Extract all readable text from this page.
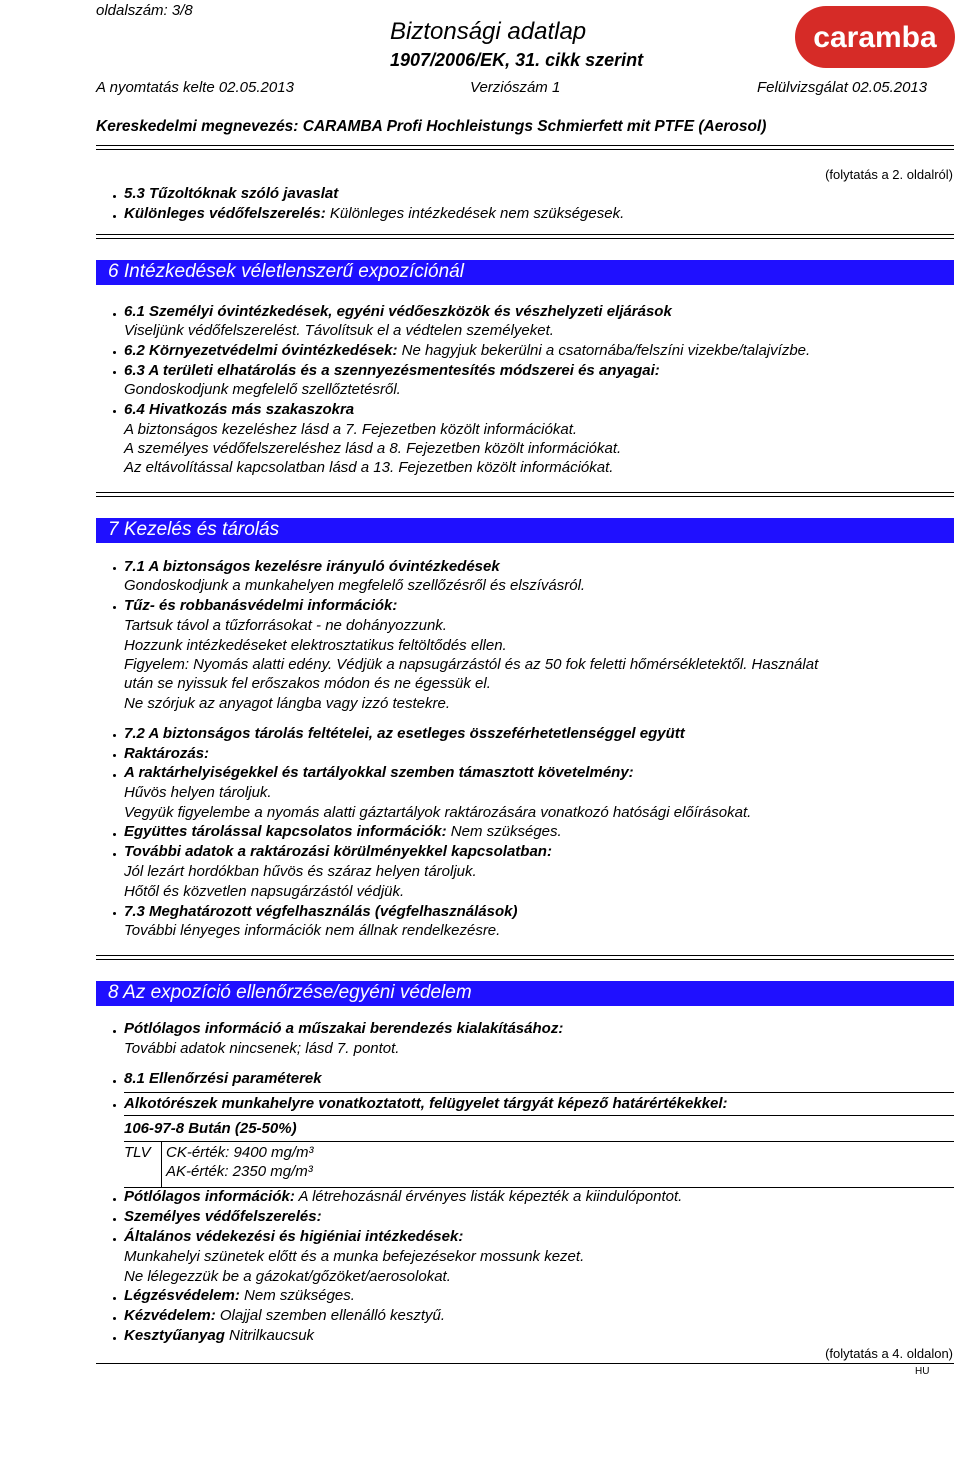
oldalszám: 3/8
Biztonsági adatlap
1907/2006/EK, 31. cikk szerint
A nyomtatás kelte 02.05.2013	Verziószám 1	Felülvizsgálat 02.05.2013
Kereskedelmi megnevezés: CARAMBA Profi Hochleistungs Schmierfett mit PTFE (Aerosol)
caramba
(folytatás a 2. oldalról)
5.3 Tűzoltóknak szóló javaslat
Különleges védőfelszerelés: Különleges intézkedések nem szükségesek.
6 Intézkedések véletlenszerű expozíciónál
6.1 Személyi óvintézkedések, egyéni védőeszközök és vészhelyzeti eljárások
Viseljünk védőfelszerelést. Távolítsuk el a védtelen személyeket.
6.2 Környezetvédelmi óvintézkedések: Ne hagyjuk bekerülni a csatornába/felszíni vizekbe/talajvízbe.
6.3 A területi elhatárolás és a szennyezésmentesítés módszerei és anyagai:
Gondoskodjunk megfelelő szellőztetésről.
6.4 Hivatkozás más szakaszokra
A biztonságos kezeléshez lásd a 7. Fejezetben közölt információkat.
A személyes védőfelszereléshez lásd a 8. Fejezetben közölt információkat.
Az eltávolítással kapcsolatban lásd a 13. Fejezetben közölt információkat.
7 Kezelés és tárolás
7.1 A biztonságos kezelésre irányuló óvintézkedések
Gondoskodjunk a munkahelyen megfelelő szellőzésről és elszívásról.
Tűz- és robbanásvédelmi információk:
Tartsuk távol a tűzforrásokat - ne dohányozzunk.
Hozzunk intézkedéseket elektrosztatikus feltöltődés ellen.
Figyelem: Nyomás alatti edény. Védjük a napsugárzástól és az 50 fok feletti hőmérsékletektől. Használat
után se nyissuk fel erőszakos módon és ne égessük el.
Ne szórjuk az anyagot lángba vagy izzó testekre.
7.2 A biztonságos tárolás feltételei, az esetleges összeférhetetlenséggel együtt
Raktározás:
A raktárhelyiségekkel és tartályokkal szemben támasztott követelmény:
Hűvös helyen tároljuk.
Vegyük figyelembe a nyomás alatti gáztartályok raktározására vonatkozó hatósági előírásokat.
Együttes tárolással kapcsolatos információk: Nem szükséges.
További adatok a raktározási körülményekkel kapcsolatban:
Jól lezárt hordókban hűvös és száraz helyen tároljuk.
Hőtől és közvetlen napsugárzástól védjük.
7.3 Meghatározott végfelhasználás (végfelhasználások)
További lényeges információk nem állnak rendelkezésre.
8 Az expozíció ellenőrzése/egyéni védelem
Pótlólagos információ a műszakai berendezés kialakításához:
További adatok nincsenek; lásd 7. pontot.
8.1 Ellenőrzési paraméterek
Alkotórészek munkahelyre vonatkoztatott, felügyelet tárgyát képező határértékekkel:
106-97-8 Bután (25-50%)
TLV CK-érték: 9400 mg/m³
AK-érték: 2350 mg/m³
Pótlólagos információk: A létrehozásnál érvényes listák képezték a kiindulópontot.
Személyes védőfelszerelés:
Általános védekezési és higiéniai intézkedések:
Munkahelyi szünetek előtt és a munka befejezésekor mossunk kezet.
Ne lélegezzük be a gázokat/gőzöket/aerosolokat.
Légzésvédelem: Nem szükséges.
Kézvédelem: Olajjal szemben ellenálló kesztyű.
Kesztyűanyag Nitrilkaucsuk
(folytatás a 4. oldalon)
HU
